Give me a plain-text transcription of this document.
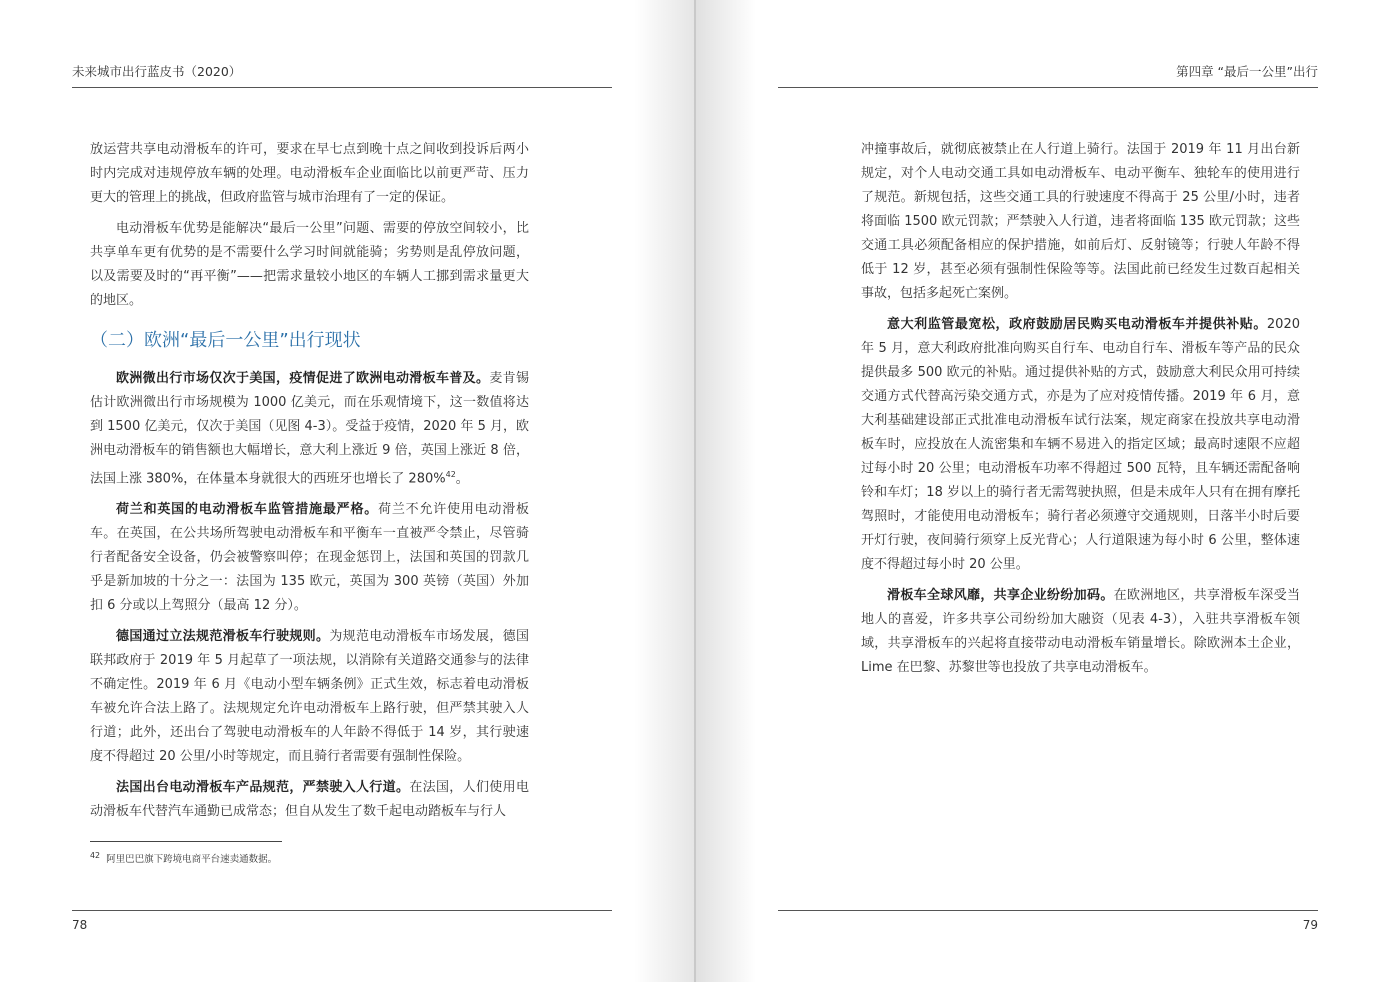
未来城市出行蓝皮书（2020）

放运营共享电动滑板车的许可，要求在早七点到晚十点之间收到投诉后两小时内完成对违规停放车辆的处理。电动滑板车企业面临比以前更严苛、压力更大的管理上的挑战，但政府监管与城市治理有了一定的保证。

电动滑板车优势是能解决“最后一公里”问题、需要的停放空间较小，比共享单车更有优势的是不需要什么学习时间就能骑；劣势则是乱停放问题，以及需要及时的“再平衡”——把需求量较小地区的车辆人工挪到需求量更大的地区。

（二）欧洲“最后一公里”出行现状

欧洲微出行市场仅次于美国，疫情促进了欧洲电动滑板车普及。麦肯锡估计欧洲微出行市场规模为 1000 亿美元，而在乐观情境下，这一数值将达到 1500 亿美元，仅次于美国（见图 4-3）。受益于疫情，2020 年 5 月，欧洲电动滑板车的销售额也大幅增长，意大利上涨近 9 倍，英国上涨近 8 倍，法国上涨 380%，在体量本身就很大的西班牙也增长了 280%$^{42}$。

荷兰和英国的电动滑板车监管措施最严格。荷兰不允许使用电动滑板车。在英国，在公共场所驾驶电动滑板车和平衡车一直被严令禁止，尽管骑行者配备安全设备，仍会被警察叫停；在现金惩罚上，法国和英国的罚款几乎是新加坡的十分之一：法国为 135 欧元，英国为 300 英镑（英国）外加扣 6 分或以上驾照分（最高 12 分）。

德国通过立法规范滑板车行驶规则。为规范电动滑板车市场发展，德国联邦政府于 2019 年 5 月起草了一项法规，以消除有关道路交通参与的法律不确定性。2019 年 6 月《电动小型车辆条例》正式生效，标志着电动滑板车被允许合法上路了。法规规定允许电动滑板车上路行驶，但严禁其驶入人行道；此外，还出台了驾驶电动滑板车的人年龄不得低于 14 岁，其行驶速度不得超过 20 公里/小时等规定，而且骑行者需要有强制性保险。

法国出台电动滑板车产品规范，严禁驶入人行道。在法国，人们使用电动滑板车代替汽车通勤已成常态；但自从发生了数千起电动踏板车与行人

$^{42}$ 阿里巴巴旗下跨境电商平台速卖通数据。
78
第四章 “最后一公里”出行

冲撞事故后，就彻底被禁止在人行道上骑行。法国于 2019 年 11 月出台新规定，对个人电动交通工具如电动滑板车、电动平衡车、独轮车的使用进行了规范。新规包括，这些交通工具的行驶速度不得高于 25 公里/小时，违者将面临 1500 欧元罚款；严禁驶入人行道，违者将面临 135 欧元罚款；这些交通工具必须配备相应的保护措施，如前后灯、反射镜等；行驶人年龄不得低于 12 岁，甚至必须有强制性保险等等。法国此前已经发生过数百起相关事故，包括多起死亡案例。

意大利监管最宽松，政府鼓励居民购买电动滑板车并提供补贴。2020 年 5 月，意大利政府批准向购买自行车、电动自行车、滑板车等产品的民众提供最多 500 欧元的补贴。通过提供补贴的方式，鼓励意大利民众用可持续交通方式代替高污染交通方式，亦是为了应对疫情传播。2019 年 6 月，意大利基础建设部正式批准电动滑板车试行法案，规定商家在投放共享电动滑板车时，应投放在人流密集和车辆不易进入的指定区域；最高时速限不应超过每小时 20 公里；电动滑板车功率不得超过 500 瓦特，且车辆还需配备响铃和车灯；18 岁以上的骑行者无需驾驶执照，但是未成年人只有在拥有摩托驾照时，才能使用电动滑板车；骑行者必须遵守交通规则，日落半小时后要开灯行驶，夜间骑行须穿上反光背心；人行道限速为每小时 6 公里，整体速度不得超过每小时 20 公里。

滑板车全球风靡，共享企业纷纷加码。在欧洲地区，共享滑板车深受当地人的喜爱，许多共享公司纷纷加大融资（见表 4-3），入驻共享滑板车领域，共享滑板车的兴起将直接带动电动滑板车销量增长。除欧洲本土企业，Lime 在巴黎、苏黎世等也投放了共享电动滑板车。

79
